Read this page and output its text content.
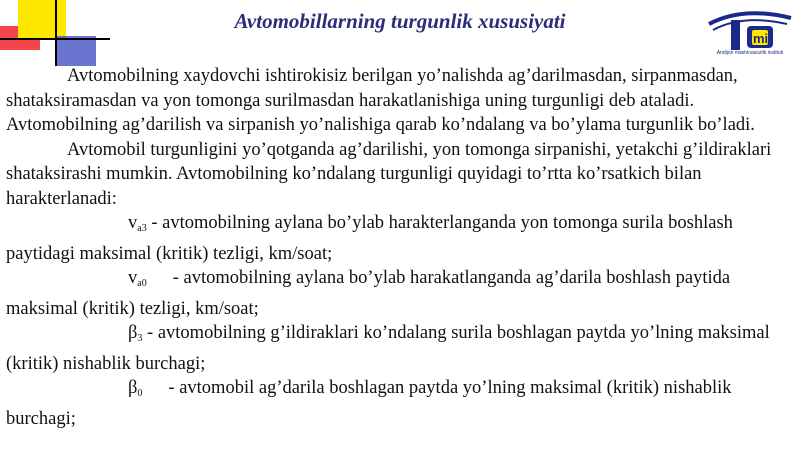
Avtomobillarning turgunlik xususiyati
mi
Andijon mashinasozlik instituti

Avtomobilning xaydovchi ishtirokisiz berilgan yo’nalishda ag’darilmasdan, sirpanmasdan, shataksiramasdan va yon tomonga surilmasdan harakatlanishiga uning turgunligi deb ataladi. Avtomobilning ag’darilish va sirpanish yo’nalishiga qarab ko’ndalang va bo’ylama turgunlik bo’ladi.

Avtomobil turgunligini yo’qotganda ag’darilishi, yon tomonga sirpanishi, yetakchi g’ildiraklari shataksirashi mumkin. Avtomobilning ko’ndalang turgunligi quyidagi to’rtta ko’rsatkich bilan harakterlanadi:

$v_{a3}$ - avtomobilning aylana bo’ylab harakterlanganda yon tomonga surila boshlash paytidagi maksimal (kritik) tezligi, km/soat;

$v_{a0}$ - avtomobilning aylana bo’ylab harakatlanganda ag’darila boshlash paytida maksimal (kritik) tezligi, km/soat;

$\beta_3$ - avtomobilning g’ildiraklari ko’ndalang surila boshlagan paytda yo’lning maksimal (kritik) nishablik burchagi;

$\beta_0$ - avtomobil ag’darila boshlagan paytda yo’lning maksimal (kritik) nishablik burchagi;
